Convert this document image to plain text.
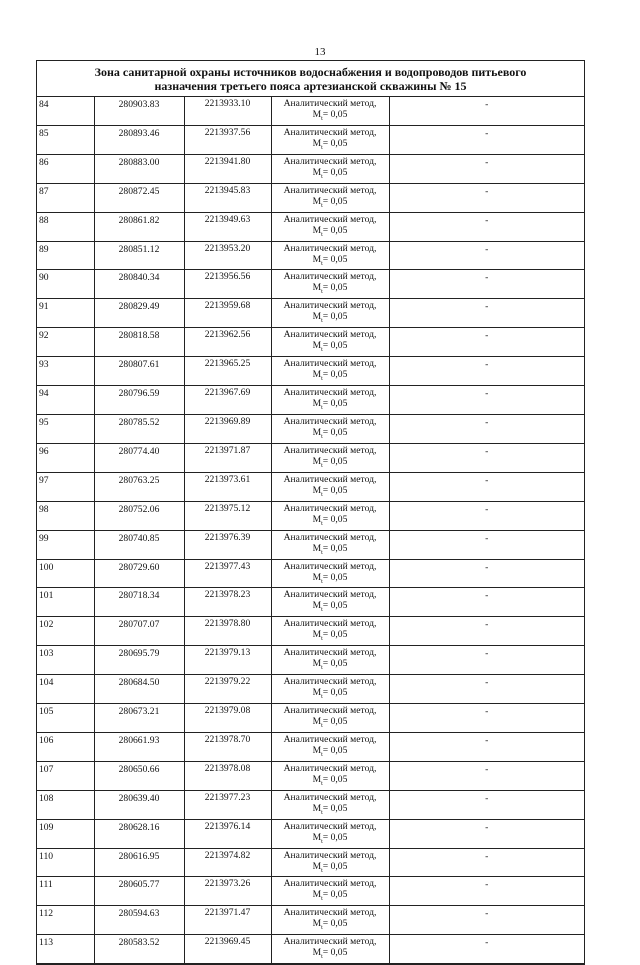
13
Зона санитарной охраны источников водоснабжения и водопроводов питьевого
назначения третьего пояса артезианской скважины № 15
84	280903.83	2213933.10	Аналитический метод,
$M_t= 0,05$	-
85	280893.46	2213937.56	Аналитический метод,
$M_t= 0,05$	-
86	280883.00	2213941.80	Аналитический метод,
$M_t= 0,05$	-
87	280872.45	2213945.83	Аналитический метод,
$M_t= 0,05$	-
88	280861.82	2213949.63	Аналитический метод,
$M_t= 0,05$	-
89	280851.12	2213953.20	Аналитический метод,
$M_t= 0,05$	-
90	280840.34	2213956.56	Аналитический метод,
$M_t= 0,05$	-
91	280829.49	2213959.68	Аналитический метод,
$M_t= 0,05$	-
92	280818.58	2213962.56	Аналитический метод,
$M_t= 0,05$	-
93	280807.61	2213965.25	Аналитический метод,
$M_t= 0,05$	-
94	280796.59	2213967.69	Аналитический метод,
$M_t= 0,05$	-
95	280785.52	2213969.89	Аналитический метод,
$M_t= 0,05$	-
96	280774.40	2213971.87	Аналитический метод,
$M_t= 0,05$	-
97	280763.25	2213973.61	Аналитический метод,
$M_t= 0,05$	-
98	280752.06	2213975.12	Аналитический метод,
$M_t= 0,05$	-
99	280740.85	2213976.39	Аналитический метод,
$M_t= 0,05$	-
100	280729.60	2213977.43	Аналитический метод,
$M_t= 0,05$	-
101	280718.34	2213978.23	Аналитический метод,
$M_t= 0,05$	-
102	280707.07	2213978.80	Аналитический метод,
$M_t= 0,05$	-
103	280695.79	2213979.13	Аналитический метод,
$M_t= 0,05$	-
104	280684.50	2213979.22	Аналитический метод,
$M_t= 0,05$	-
105	280673.21	2213979.08	Аналитический метод,
$M_t= 0,05$	-
106	280661.93	2213978.70	Аналитический метод,
$M_t= 0,05$	-
107	280650.66	2213978.08	Аналитический метод,
$M_t= 0,05$	-
108	280639.40	2213977.23	Аналитический метод,
$M_t= 0,05$	-
109	280628.16	2213976.14	Аналитический метод,
$M_t= 0,05$	-
110	280616.95	2213974.82	Аналитический метод,
$M_t= 0,05$	-
111	280605.77	2213973.26	Аналитический метод,
$M_t= 0,05$	-
112	280594.63	2213971.47	Аналитический метод,
$M_t= 0,05$	-
113	280583.52	2213969.45	Аналитический метод,
$M_t= 0,05$	-
